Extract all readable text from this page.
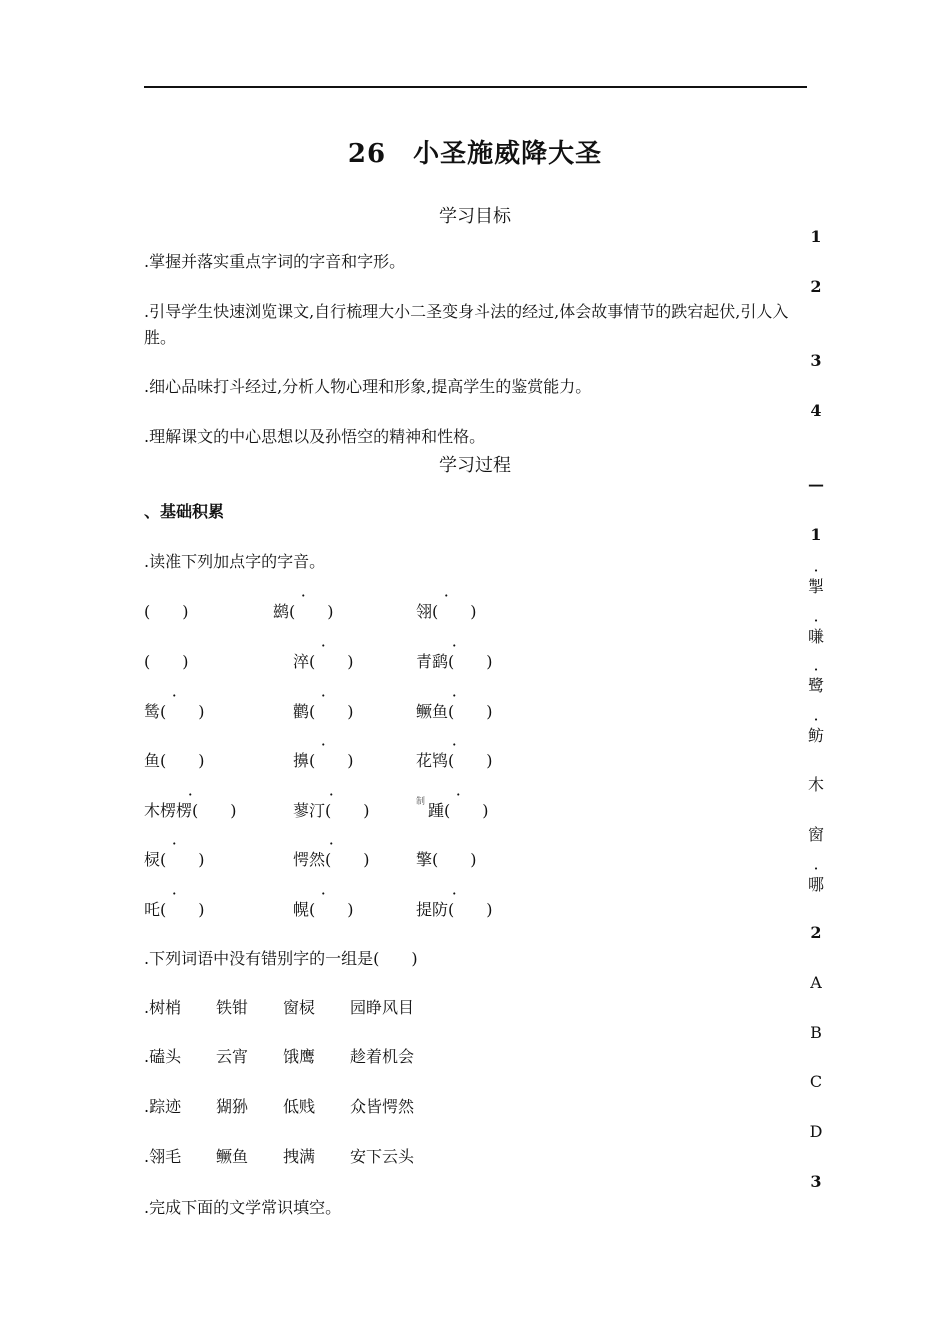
26　小圣施威降大圣
学习目标
.掌握并落实重点字词的字音和字形。
.引导学生快速浏览课文,自行梳理大小二圣变身斗法的经过,体会故事情节的跌宕起伏,引人入胜。
.细心品味打斗经过,分析人物心理和形象,提高学生的鉴赏能力。
.理解课文的中心思想以及孙悟空的精神和性格。
学习过程
、基础积累
.读准下列加点字的字音。
(　　)	· 鹚(　　)	· 翎(　　)
(　　)	· 淬(　　)	· 青鹞(　　)
· 鸶(　　)	· 鹳(　　)	· 鳜鱼(　　)
鱼(　　)	· 擤(　　)	· 花鸨(　　)
· 木楞楞(　　)	· 蓼汀(　　)	· 踵(　　)
· 棂(　　)	· 愕然(　　)	擎(　　)
· 吒(　　)	· 幌(　　)	· 提防(　　)
制
.下列词语中没有错别字的一组是(　　)
.树梢 铁钳 窗棂 园睁风目
.磕头 云宵 饿鹰 趁着机会
.踪迹 猢狲 低贱 众皆愕然
.翎毛 鳜鱼 拽满 安下云头
.完成下面的文学常识填空。
1
2
3
4
—
1
· 掣
· 嗛
· 鹭
· 鲂
木
窗
· 哪
2
A
B
C
D
3
